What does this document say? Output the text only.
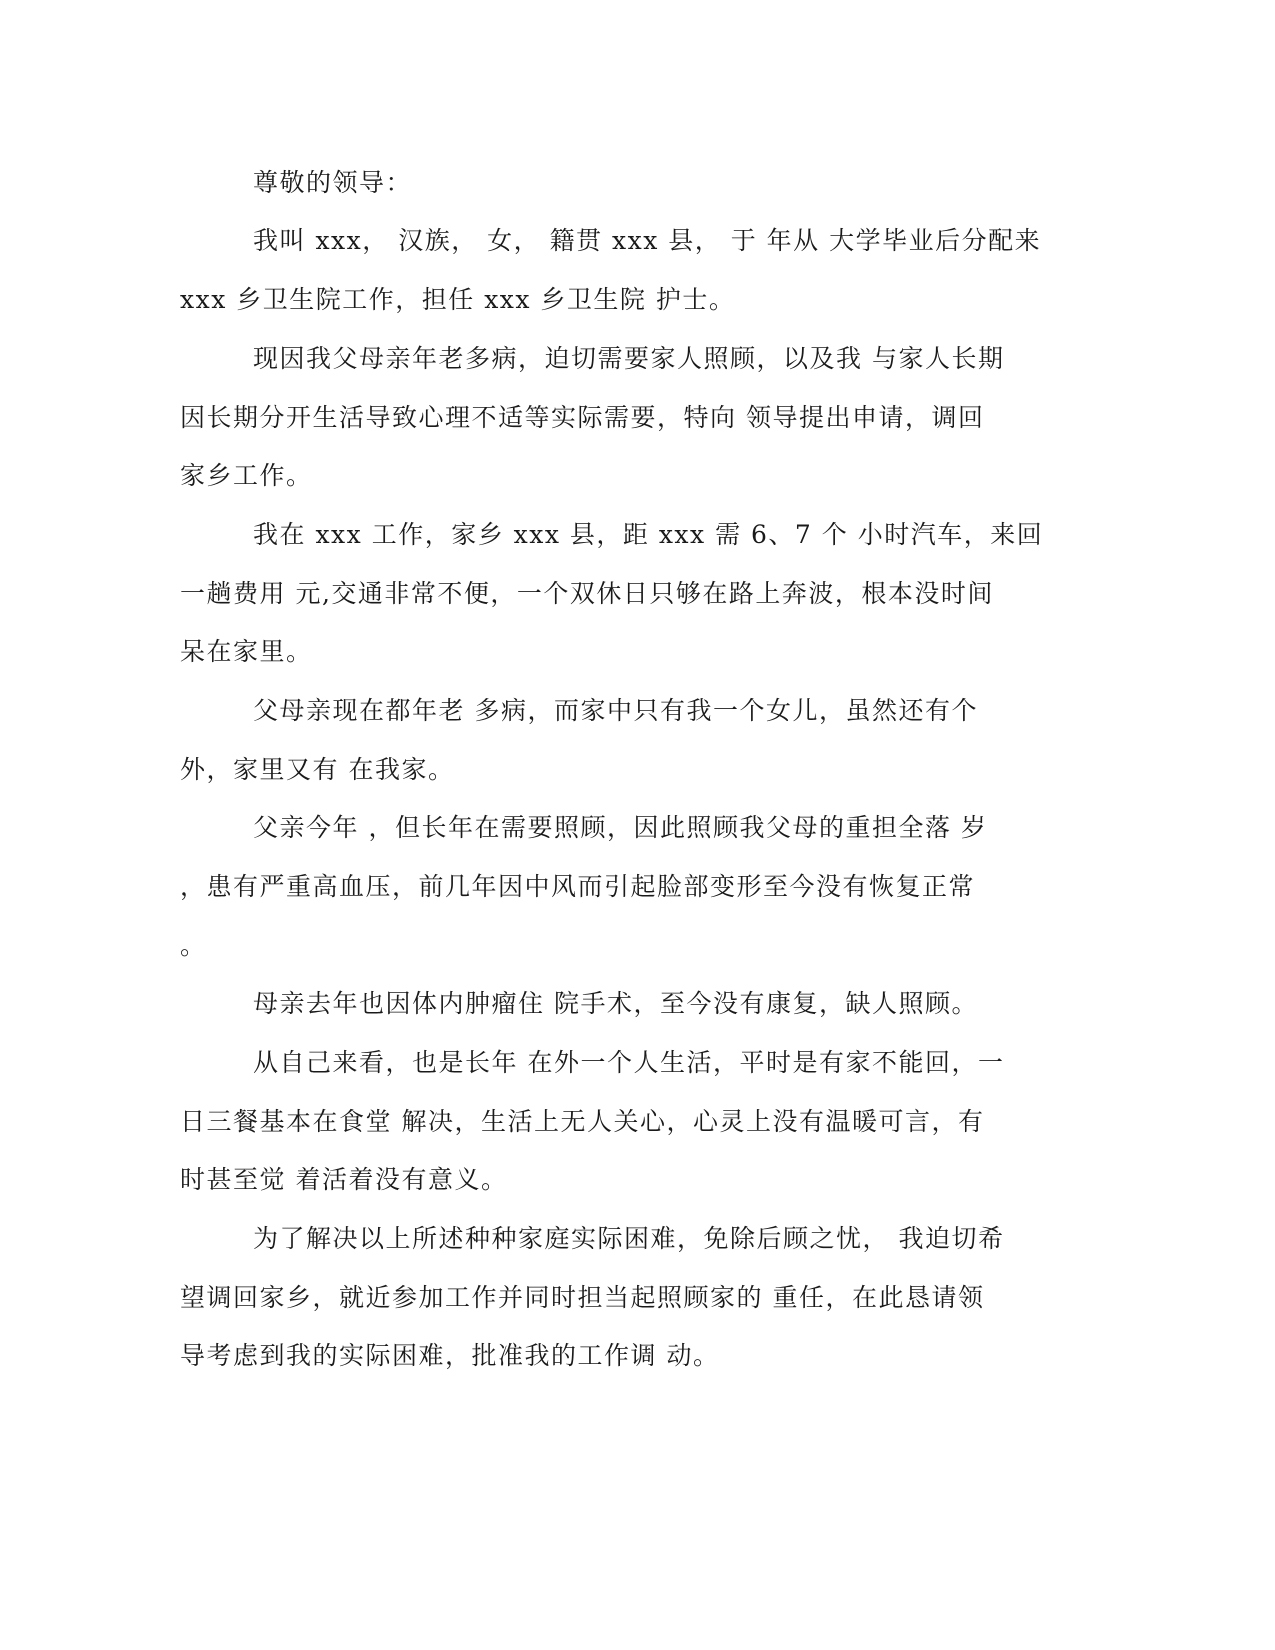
尊敬的领导：
我叫 xxx， 汉族， 女， 籍贯 xxx 县， 于 年从 大学毕业后分配来
xxx 乡卫生院工作，担任 xxx 乡卫生院 护士。
现因我父母亲年老多病，迫切需要家人照顾，以及我 与家人长期
因长期分开生活导致心理不适等实际需要，特向 领导提出申请，调回
家乡工作。
我在 xxx 工作，家乡 xxx 县，距 xxx 需 6、7 个 小时汽车，来回
一趟费用 元,交通非常不便，一个双休日只够在路上奔波，根本没时间
呆在家里。
父母亲现在都年老 多病，而家中只有我一个女儿，虽然还有个
外，家里又有 在我家。
父亲今年 ，但长年在需要照顾，因此照顾我父母的重担全落 岁
，患有严重高血压，前几年因中风而引起脸部变形至今没有恢复正常
。
母亲去年也因体内肿瘤住 院手术，至今没有康复，缺人照顾。
从自己来看，也是长年 在外一个人生活，平时是有家不能回，一
日三餐基本在食堂 解决，生活上无人关心，心灵上没有温暖可言，有
时甚至觉 着活着没有意义。
为了解决以上所述种种家庭实际困难，免除后顾之忧， 我迫切希
望调回家乡，就近参加工作并同时担当起照顾家的 重任，在此恳请领
导考虑到我的实际困难，批准我的工作调 动。
